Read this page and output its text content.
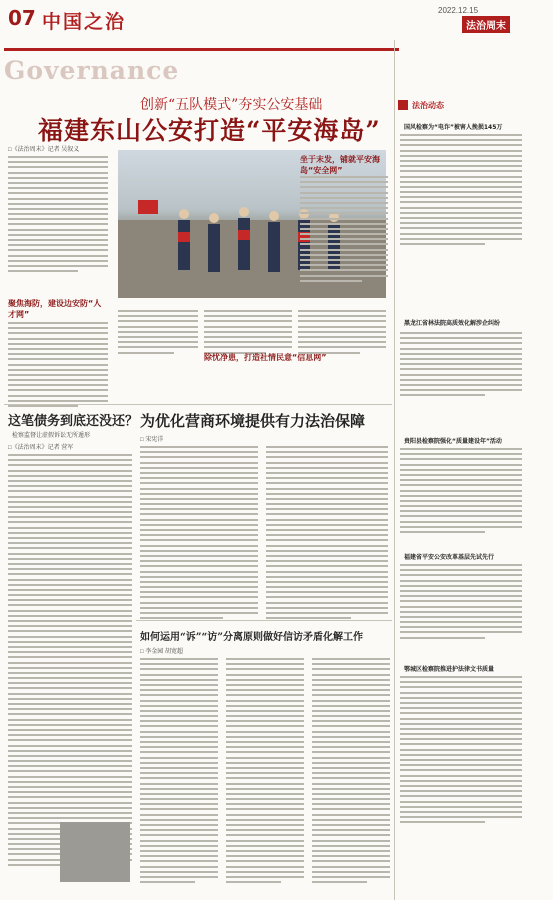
07 中国之治
Governance
2022.12.15
法治周末
创新“五队模式”夯实公安基础
福建东山公安打造“平安海岛”
□《法治周末》记者 吴叙义
聚焦海防，建设边安防“人才网”
除忧净患，打造社情民意“信息网”
坐于末发，铺就平安海岛“安全网”
法治动态
国风检察为“电诈”被害人挽损145万
黑龙江省林法院高质效化解涉企纠纷
贵阳县检察院强化“质量建设年”活动
福建省平安公安改革基层先试先行
鄂城区检察院推进护法律文书质量
为优化营商环境提供有力法治保障
□ 宋宪洋
这笔债务到底还没还？
检察监督让虚假诉讼无所遁形
□《法治周末》记者 营军
如何运用“诉”“访”分离原则做好信访矛盾化解工作
□ 李金园 胡宽超
